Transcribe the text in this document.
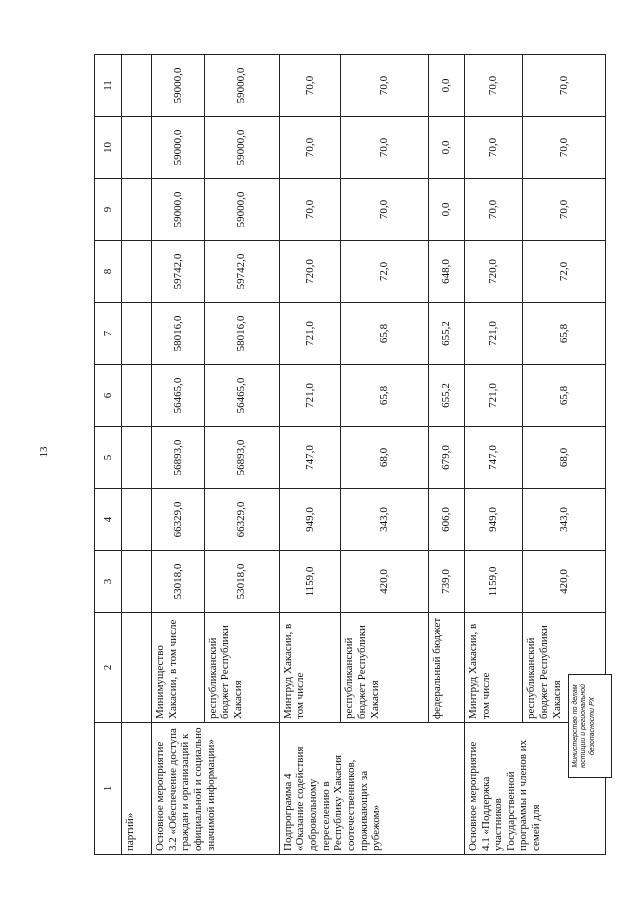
13
1	2	3	4	5	6	7	8	9	10	11
партий»										
Основное мероприятие 3.2 «Обеспечение доступа граждан и организаций к официальной и социально значимой информации»	Минимущество Хакасии, в том числе	53018,0	66329,0	56893,0	56465,0	58016,0	59742,0	59000,0	59000,0	59000,0
	республиканский бюджет Республики Хакасия	53018,0	66329,0	56893,0	56465,0	58016,0	59742,0	59000,0	59000,0	59000,0
Подпрограмма 4 «Оказание содействия добровольному переселению в Республику Хакасия соотечественников, проживающих за рубежом»	Минтруд Хакасии, в том числе	1159,0	949,0	747,0	721,0	721,0	720,0	70,0	70,0	70,0
	республиканский бюджет Республики Хакасия	420,0	343,0	68,0	65,8	65,8	72,0	70,0	70,0	70,0
	федеральный бюджет	739,0	606,0	679,0	655,2	655,2	648,0	0,0	0,0	0,0
Основное мероприятие 4.1 «Поддержка участников Государственной программы и членов их семей для	Минтруд Хакасии, в том числе	1159,0	949,0	747,0	721,0	721,0	720,0	70,0	70,0	70,0
	республиканский бюджет Республики Хакасия	420,0	343,0	68,0	65,8	65,8	72,0	70,0	70,0	70,0
Министерство по делам юстиции и региональной безопасности РХ
